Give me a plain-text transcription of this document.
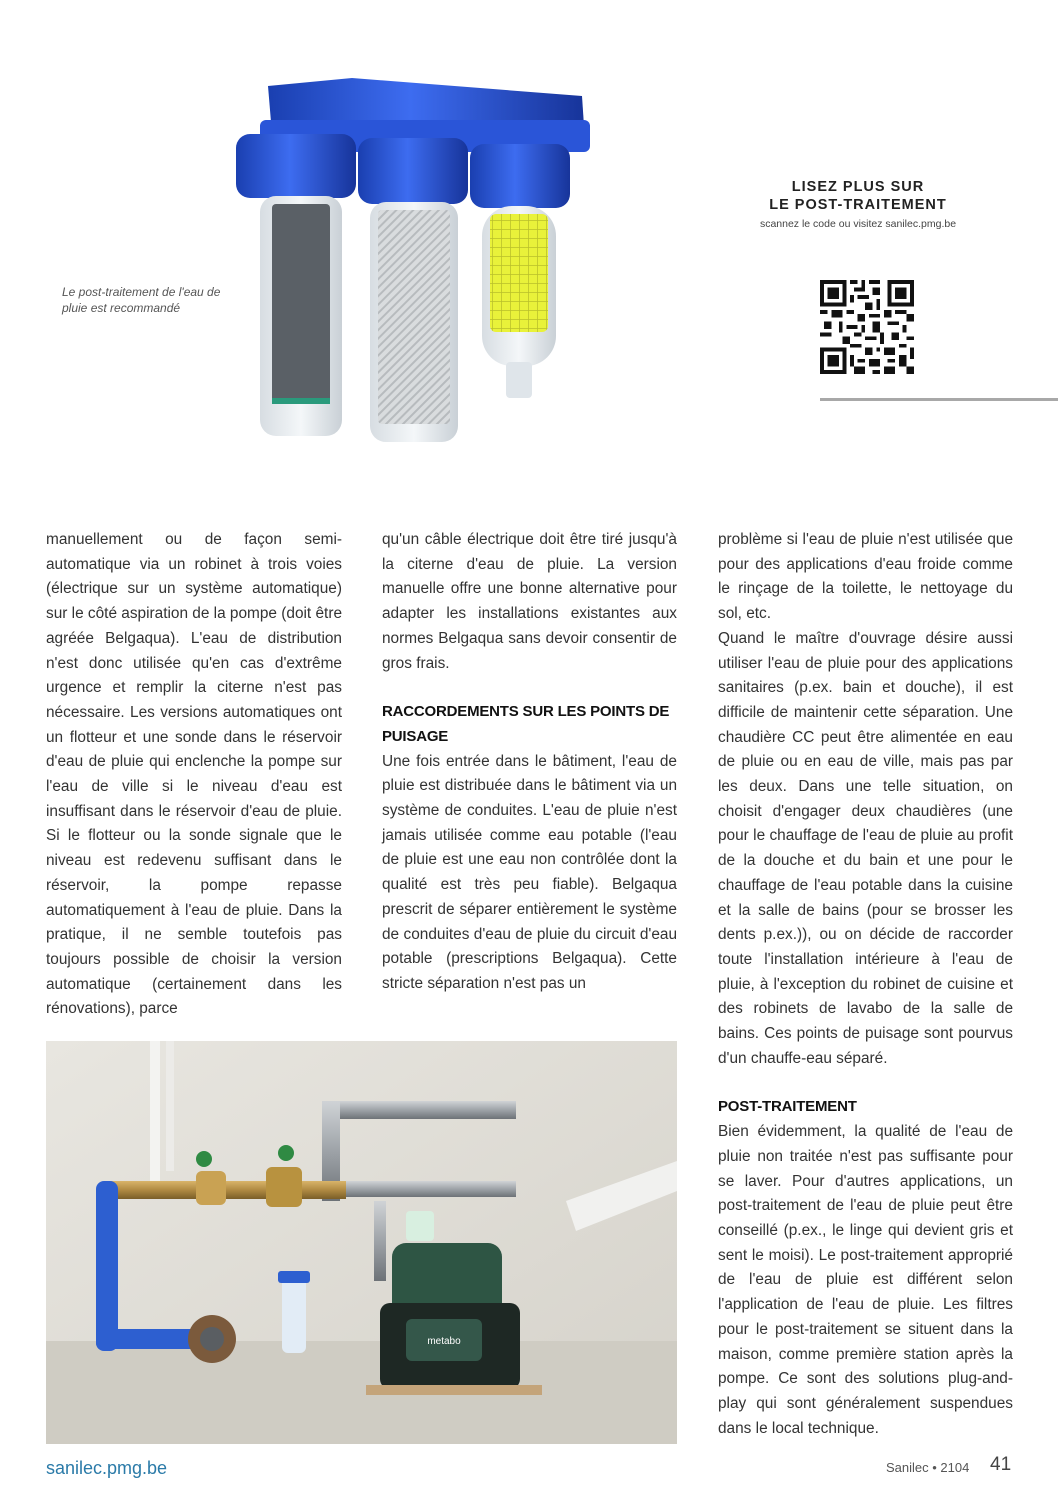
Le post-traitement de l'eau de
pluie est recommandé
LISEZ PLUS SUR
LE POST-TRAITEMENT
scannez le code ou visitez sanilec.pmg.be

manuellement ou de façon semi-automatique via un robinet à trois voies (électrique sur un système automatique) sur le côté aspiration de la pompe (doit être agréée Belgaqua). L'eau de distribution n'est donc utilisée qu'en cas d'extrême urgence et remplir la citerne n'est pas nécessaire. Les versions automatiques ont un flotteur et une sonde dans le réservoir d'eau de pluie qui enclenche la pompe sur l'eau de ville si le niveau d'eau est insuffisant dans le réservoir d'eau de pluie. Si le flotteur ou la sonde signale que le niveau est redevenu suffisant dans le réservoir, la pompe repasse automatiquement à l'eau de pluie. Dans la pratique, il ne semble toutefois pas toujours possible de choisir la version automatique (certainement dans les rénovations), parce

qu'un câble électrique doit être tiré jusqu'à la citerne d'eau de pluie. La version manuelle offre une bonne alternative pour adapter les installations existantes aux normes Belgaqua sans devoir consentir de gros frais.

RACCORDEMENTS SUR LES POINTS DE PUISAGE

Une fois entrée dans le bâtiment, l'eau de pluie est distribuée dans le bâtiment via un système de conduites. L'eau de pluie n'est jamais utilisée comme eau potable (l'eau de pluie est une eau non contrôlée dont la qualité est très peu fiable). Belgaqua prescrit de séparer entièrement le système de conduites d'eau de pluie du circuit d'eau potable (prescriptions Belgaqua). Cette stricte séparation n'est pas un

problème si l'eau de pluie n'est utilisée que pour des applications d'eau froide comme le rinçage de la toilette, le nettoyage du sol, etc.

Quand le maître d'ouvrage désire aussi utiliser l'eau de pluie pour des applications sanitaires (p.ex. bain et douche), il est difficile de maintenir cette séparation. Une chaudière CC peut être alimentée en eau de pluie ou en eau de ville, mais pas par les deux. Dans une telle situation, on choisit d'engager deux chaudières (une pour le chauffage de l'eau de pluie au profit de la douche et du bain et une pour le chauffage de l'eau potable dans la cuisine et la salle de bains (pour se brosser les dents p.ex.)), ou on décide de raccorder toute l'installation intérieure à l'eau de pluie, à l'exception du robinet de cuisine et des robinets de lavabo de la salle de bains. Ces points de puisage sont pourvus d'un chauffe-eau séparé.

POST-TRAITEMENT

Bien évidemment, la qualité de l'eau de pluie non traitée n'est pas suffisante pour se laver. Pour d'autres applications, un post-traitement de l'eau de pluie peut être conseillé (p.ex., le linge qui devient gris et sent le moisi). Le post-traitement approprié de l'eau de pluie est différent selon l'application de l'eau de pluie. Les filtres pour le post-traitement se situent dans la maison, comme première station après la pompe. Ce sont des solutions plug-and-play qui sont généralement suspendues dans le local technique.

metabo
sanilec.pmg.be	Sanilec • 2104 41
